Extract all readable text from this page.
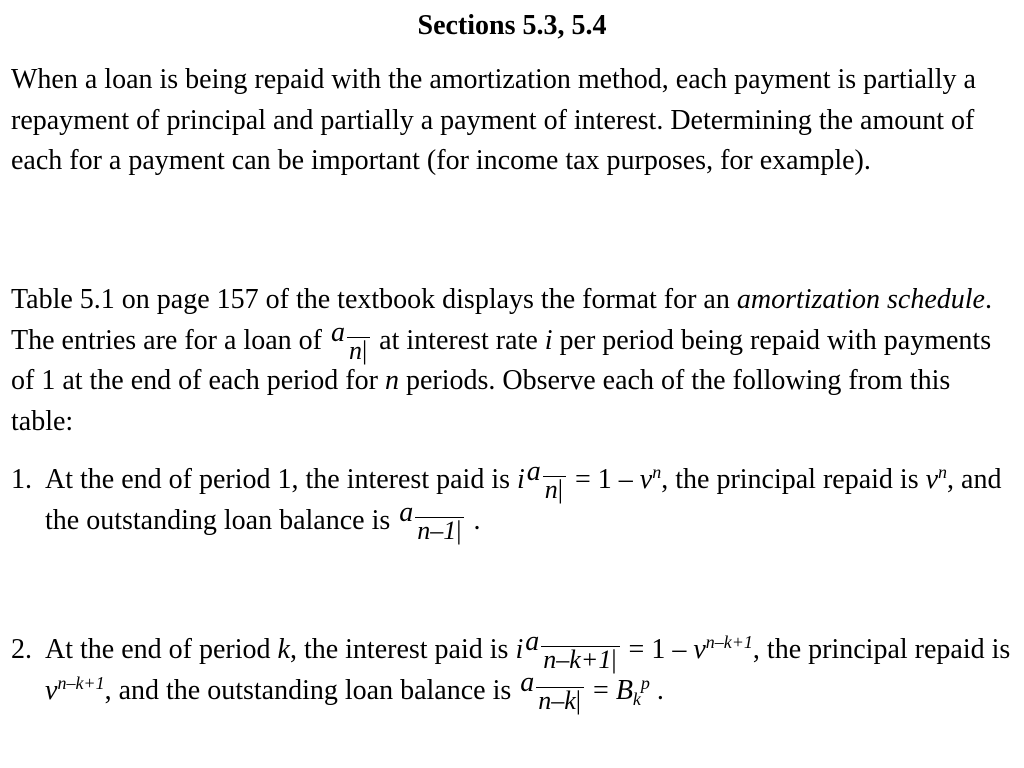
Sections 5.3, 5.4

When a loan is being repaid with the amortization method, each payment is partially a repayment of principal and partially a payment of interest. Determining the amount of each for a payment can be important (for income tax purposes, for example).

Table 5.1 on page 157 of the textbook displays the format for an amortization schedule. The entries are for a loan of an| at interest rate i per period being repaid with payments of 1 at the end of each period for n periods. Observe each of the following from this table:

1. At the end of period 1, the interest paid is $ian| = 1 - v^n$, the principal repaid is $v^n$, and the outstanding loan balance is an–1| .
2. At the end of period k, the interest paid is $ian-k+1| = 1 - v^{n-k+1}$, the principal repaid is $v^{n-k+1}$, and the outstanding loan balance is $an-k| = B_k^p$ .
